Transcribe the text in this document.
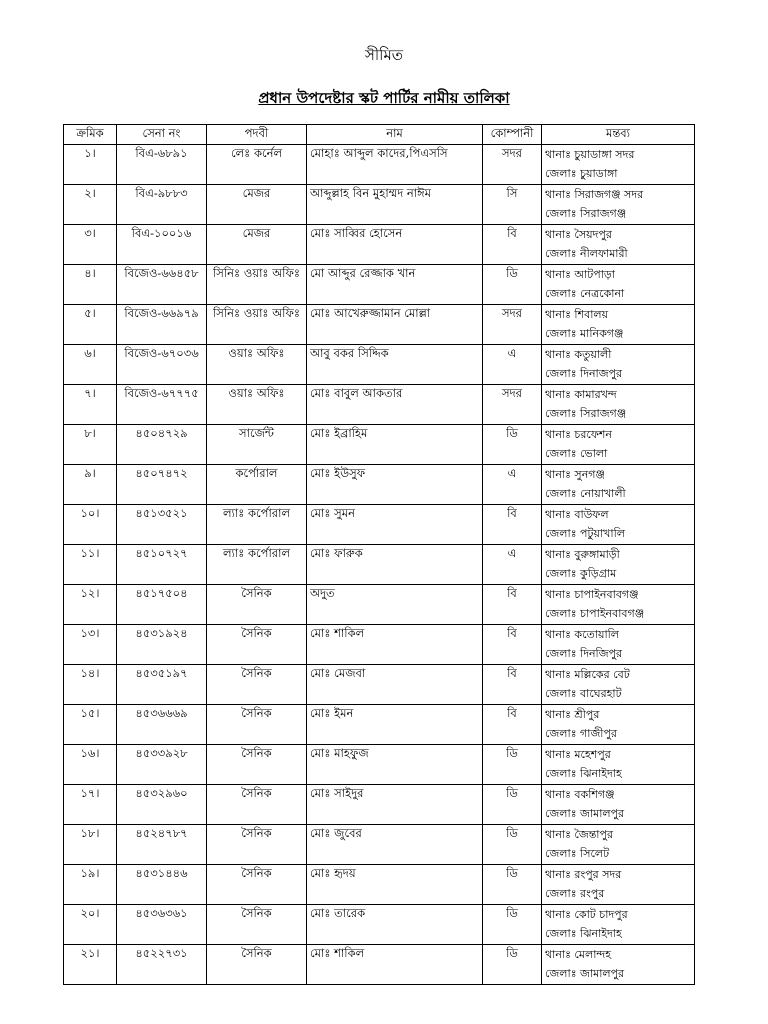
সীমিত
প্রধান উপদেষ্টার স্কট পার্টির নামীয় তালিকা
ক্রমিক	সেনা নং	পদবী	নাম	কোম্পানী	মন্তব্য
১।	বিএ-৬৮৯১	লেঃ কর্নেল	মোহাঃ আব্দুল কাদের,পিএসসি	সদর	থানাঃ চুয়াডাঙ্গা সদর
জেলাঃ চুয়াডাঙ্গা

২।	বিএ-৯৮৮৩	মেজর	আব্দুল্লাহ বিন মুহাম্মদ নাঈম	সি	থানাঃ সিরাজগঞ্জ সদর
জেলাঃ সিরাজগঞ্জ

৩।	বিএ-১০০১৬	মেজর	মোঃ সাব্বির হোসেন	বি	থানাঃ সৈয়দপুর
জেলাঃ নীলফামারী

৪।	বিজেও-৬৬৪৫৮	সিনিঃ ওয়াঃ অফিঃ	মো আব্দুর রেজ্জাক খান	ডি	থানাঃ আটপাড়া
জেলাঃ নেত্রকোনা

৫।	বিজেও-৬৬৯৭৯	সিনিঃ ওয়াঃ অফিঃ	মোঃ আখেরুজ্জামান মোল্লা	সদর	থানাঃ শিবালয়
জেলাঃ মানিকগঞ্জ

৬।	বিজেও-৬৭০৩৬	ওয়াঃ অফিঃ	আবু বকর সিদ্দিক	এ	থানাঃ কতুয়ালী
জেলাঃ দিনাজপুর

৭।	বিজেও-৬৭৭৭৫	ওয়াঃ অফিঃ	মোঃ বাবুল আকতার	সদর	থানাঃ কামারখন্দ
জেলাঃ সিরাজগঞ্জ

৮।	৪৫০৪৭২৯	সার্জেন্ট	মোঃ ইব্রাহিম	ডি	থানাঃ চরফেশন
জেলাঃ ভোলা

৯।	৪৫০৭৪৭২	কর্পোরাল	মোঃ ইউসুফ	এ	থানাঃ সুনগঞ্জ
জেলাঃ নোয়াখালী

১০।	৪৫১৩৫২১	ল্যাঃ কর্পোরাল	মোঃ সুমন	বি	থানাঃ বাউফল
জেলাঃ পটুয়াখালি

১১।	৪৫১০৭২৭	ল্যাঃ কর্পোরাল	মোঃ ফারুক	এ	থানাঃ বুরুঙ্গামাড়ী
জেলাঃ কুড়িগ্রাম

১২।	৪৫১৭৫০৪	সৈনিক	অদুত	বি	থানাঃ চাপাইনবাবগঞ্জ
জেলাঃ চাপাইনবাবগঞ্জ

১৩।	৪৫৩১৯২৪	সৈনিক	মোঃ শাকিল	বি	থানাঃ কতোয়ালি
জেলাঃ দিনজিপুর

১৪।	৪৫৩৫১৯৭	সৈনিক	মোঃ মেজবা	বি	থানাঃ মল্লিকের বেট
জেলাঃ বাঘেরহাট

১৫।	৪৫৩৬৬৬৯	সৈনিক	মোঃ ইমন	বি	থানাঃ শ্রীপুর
জেলাঃ গাজীপুর

১৬।	৪৫৩৩৯২৮	সৈনিক	মোঃ মাহফুজ	ডি	থানাঃ মহেশপুর
জেলাঃ ঝিনাইদাহ

১৭।	৪৫৩২৯৬০	সৈনিক	মোঃ সাইদুর	ডি	থানাঃ বকশিগঞ্জ
জেলাঃ জামালপুর

১৮।	৪৫২৪৭৮৭	সৈনিক	মোঃ জুবের	ডি	থানাঃ জৈন্তাপুর
জেলাঃ সিলেট

১৯।	৪৫৩১৪৪৬	সৈনিক	মোঃ হৃদয়	ডি	থানাঃ রংপুর সদর
জেলাঃ রংপুর

২০।	৪৫৩৬৩৬১	সৈনিক	মোঃ তারেক	ডি	থানাঃ কোট চাদপুর
জেলাঃ ঝিনাইদাহ

২১।	৪৫২২৭৩১	সৈনিক	মোঃ শাকিল	ডি	থানাঃ মেলান্দহ
জেলাঃ জামালপুর
